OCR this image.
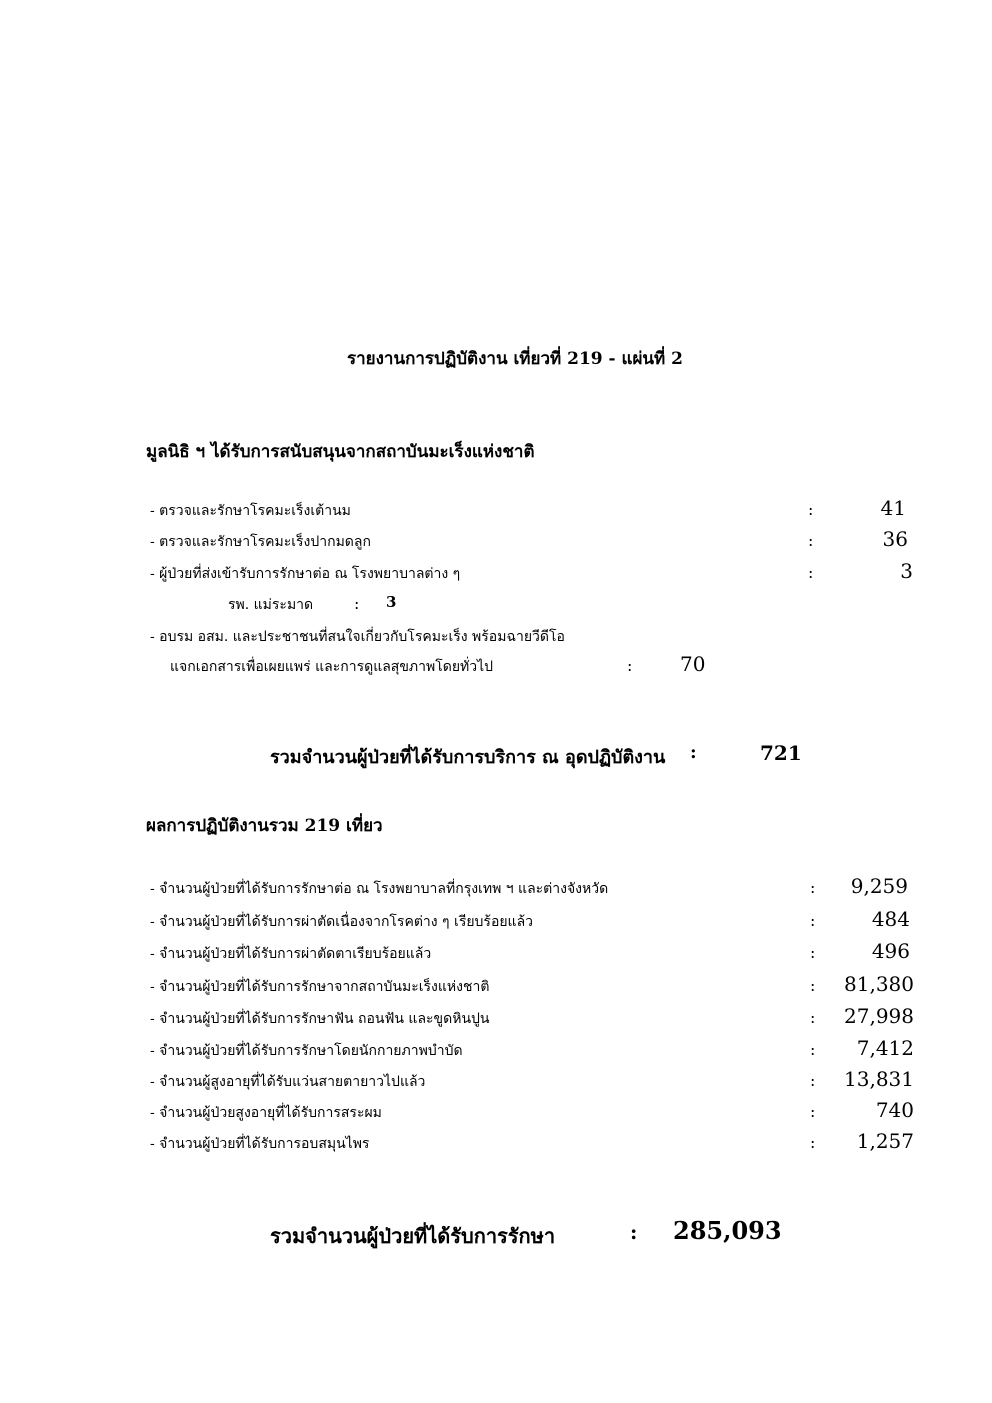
รายงานการปฏิบัติงาน เที่ยวที่ 219 - แผ่นที่ 2
มูลนิธิ ฯ ได้รับการสนับสนุนจากสถาบันมะเร็งแห่งชาติ
- ตรวจและรักษาโรคมะเร็งเต้านม	:	41
- ตรวจและรักษาโรคมะเร็งปากมดลูก	:	36
- ผู้ป่วยที่ส่งเข้ารับการรักษาต่อ ณ โรงพยาบาลต่าง ๆ	:	3
รพ. แม่ระมาด	: 3
- อบรม อสม. และประชาชนที่สนใจเกี่ยวกับโรคมะเร็ง พร้อมฉายวีดีโอ
แจกเอกสารเพื่อเผยแพร่ และการดูแลสุขภาพโดยทั่วไป	: 70
รวมจำนวนผู้ป่วยที่ได้รับการบริการ ณ อุดปฏิบัติงาน :	721
ผลการปฏิบัติงานรวม 219 เที่ยว
- จำนวนผู้ป่วยที่ได้รับการรักษาต่อ ณ โรงพยาบาลที่กรุงเทพ ฯ และต่างจังหวัด	: 9,259
- จำนวนผู้ป่วยที่ได้รับการผ่าตัดเนื่องจากโรคต่าง ๆ เรียบร้อยแล้ว	:	484
- จำนวนผู้ป่วยที่ได้รับการผ่าตัดตาเรียบร้อยแล้ว	:	496
- จำนวนผู้ป่วยที่ได้รับการรักษาจากสถาบันมะเร็งแห่งชาติ	: 81,380
- จำนวนผู้ป่วยที่ได้รับการรักษาฟัน ถอนฟัน และขูดหินปูน	: 27,998
- จำนวนผู้ป่วยที่ได้รับการรักษาโดยนักกายภาพบำบัด	: 7,412
- จำนวนผู้สูงอายุที่ได้รับแว่นสายตายาวไปแล้ว	: 13,831
- จำนวนผู้ป่วยสูงอายุที่ได้รับการสระผม	:	740
- จำนวนผู้ป่วยที่ได้รับการอบสมุนไพร	: 1,257
รวมจำนวนผู้ป่วยที่ได้รับการรักษา	: 285,093
